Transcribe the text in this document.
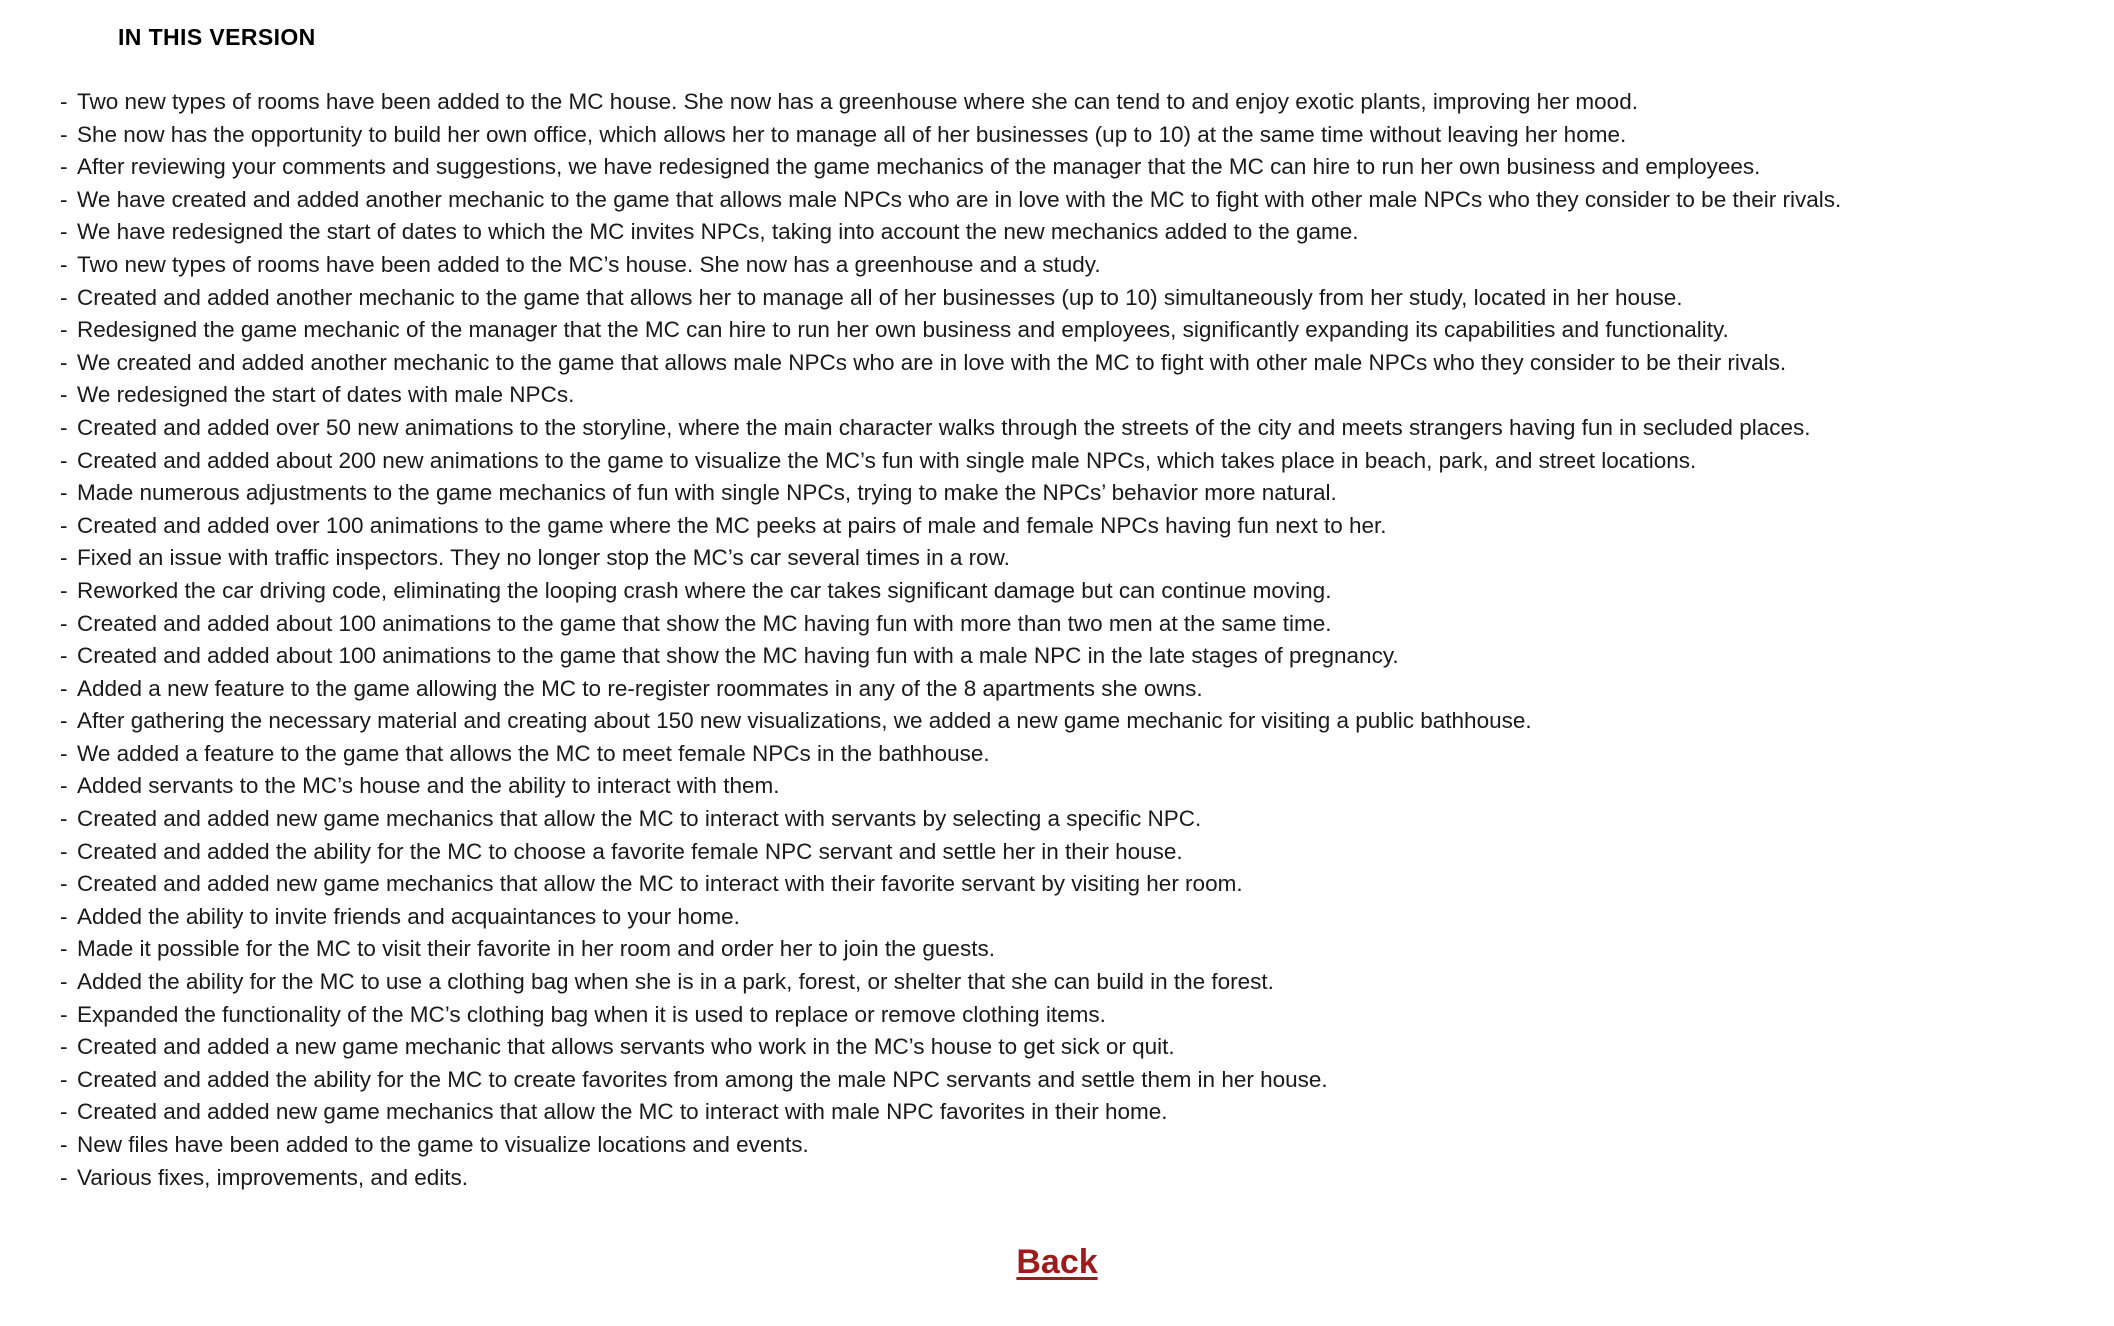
IN THIS VERSION
- Two new types of rooms have been added to the MC house. She now has a greenhouse where she can tend to and enjoy exotic plants, improving her mood.
- She now has the opportunity to build her own office, which allows her to manage all of her businesses (up to 10) at the same time without leaving her home.
- After reviewing your comments and suggestions, we have redesigned the game mechanics of the manager that the MC can hire to run her own business and employees.
- We have created and added another mechanic to the game that allows male NPCs who are in love with the MC to fight with other male NPCs who they consider to be their rivals.
- We have redesigned the start of dates to which the MC invites NPCs, taking into account the new mechanics added to the game.
- Two new types of rooms have been added to the MC’s house. She now has a greenhouse and a study.
- Created and added another mechanic to the game that allows her to manage all of her businesses (up to 10) simultaneously from her study, located in her house.
- Redesigned the game mechanic of the manager that the MC can hire to run her own business and employees, significantly expanding its capabilities and functionality.
- We created and added another mechanic to the game that allows male NPCs who are in love with the MC to fight with other male NPCs who they consider to be their rivals.
- We redesigned the start of dates with male NPCs.
- Created and added over 50 new animations to the storyline, where the main character walks through the streets of the city and meets strangers having fun in secluded places.
- Created and added about 200 new animations to the game to visualize the MC’s fun with single male NPCs, which takes place in beach, park, and street locations.
- Made numerous adjustments to the game mechanics of fun with single NPCs, trying to make the NPCs’ behavior more natural.
- Created and added over 100 animations to the game where the MC peeks at pairs of male and female NPCs having fun next to her.
- Fixed an issue with traffic inspectors. They no longer stop the MC’s car several times in a row.
- Reworked the car driving code, eliminating the looping crash where the car takes significant damage but can continue moving.
- Created and added about 100 animations to the game that show the MC having fun with more than two men at the same time.
- Created and added about 100 animations to the game that show the MC having fun with a male NPC in the late stages of pregnancy.
- Added a new feature to the game allowing the MC to re-register roommates in any of the 8 apartments she owns.
- After gathering the necessary material and creating about 150 new visualizations, we added a new game mechanic for visiting a public bathhouse.
- We added a feature to the game that allows the MC to meet female NPCs in the bathhouse.
- Added servants to the MC’s house and the ability to interact with them.
- Created and added new game mechanics that allow the MC to interact with servants by selecting a specific NPC.
- Created and added the ability for the MC to choose a favorite female NPC servant and settle her in their house.
- Created and added new game mechanics that allow the MC to interact with their favorite servant by visiting her room.
- Added the ability to invite friends and acquaintances to your home.
- Made it possible for the MC to visit their favorite in her room and order her to join the guests.
- Added the ability for the MC to use a clothing bag when she is in a park, forest, or shelter that she can build in the forest.
- Expanded the functionality of the MC’s clothing bag when it is used to replace or remove clothing items.
- Created and added a new game mechanic that allows servants who work in the MC’s house to get sick or quit.
- Created and added the ability for the MC to create favorites from among the male NPC servants and settle them in her house.
- Created and added new game mechanics that allow the MC to interact with male NPC favorites in their home.
- New files have been added to the game to visualize locations and events.
- Various fixes, improvements, and edits.
Back
